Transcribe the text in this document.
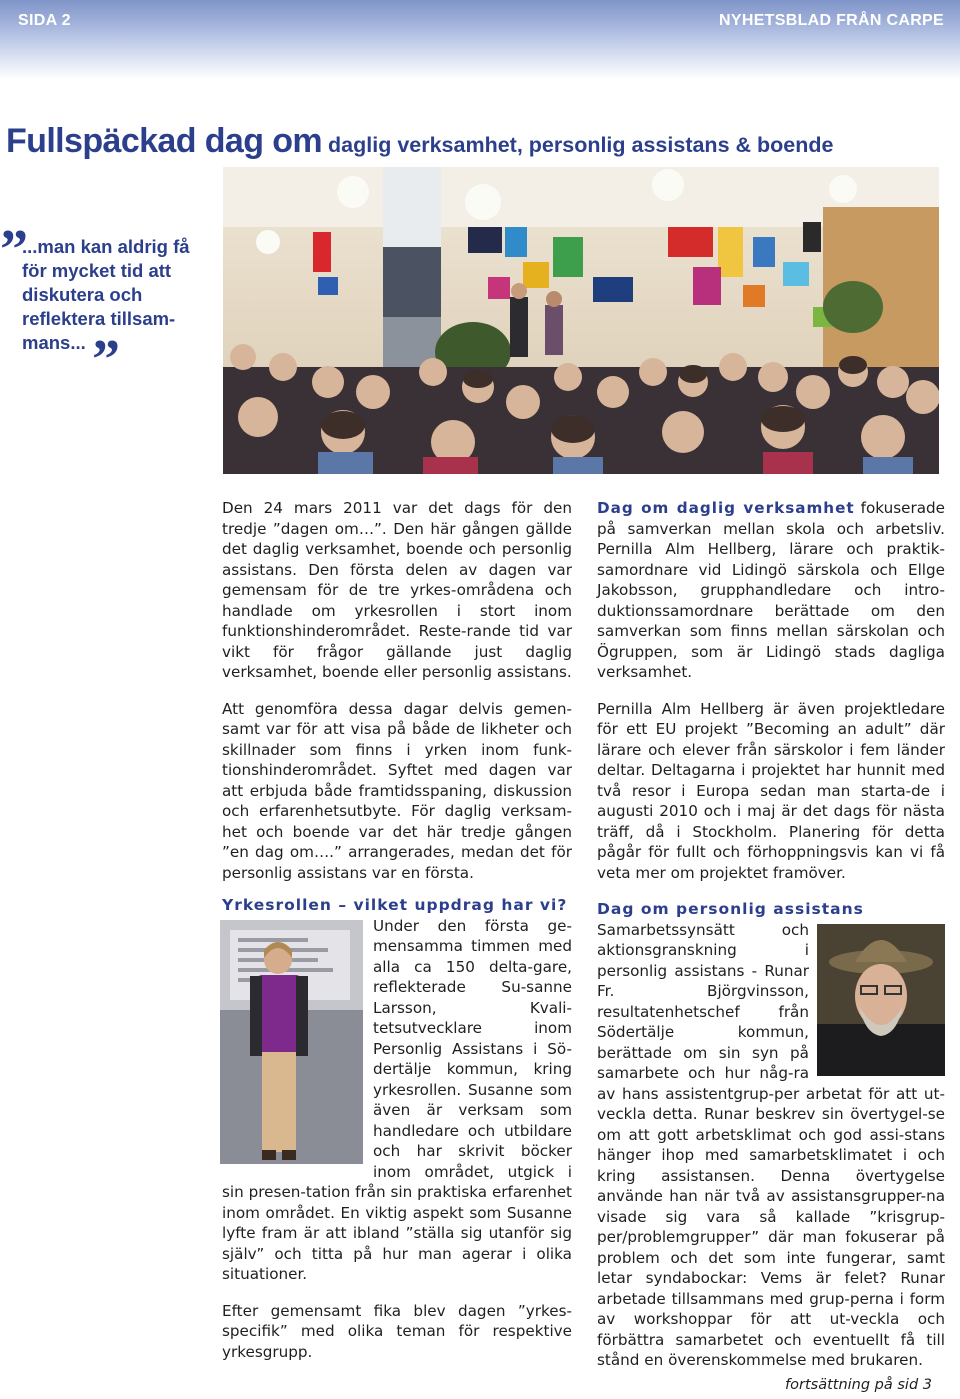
SIDA 2	NYHETSBLAD FRÅN CARPE
Fullspäckad dag om daglig verksamhet, personlig assistans & boende
”
...man kan aldrig få för mycket tid att diskutera och reflektera tillsam-mans... ”

Den 24 mars 2011 var det dags för den tredje ”dagen om…”. Den här gången gällde det daglig verksamhet, boende och personlig assistans. Den första delen av dagen var gemensam för de tre yrkes-områdena och handlade om yrkesrollen i stort inom funktionshinderområdet. Reste-rande tid var vikt för frågor gällande just daglig verksamhet, boende eller personlig assistans.

Att genomföra dessa dagar delvis gemen-samt var för att visa på både de likheter och skillnader som finns i yrken inom funk-tionshinderområdet. Syftet med dagen var att erbjuda både framtidsspaning, diskussion och erfarenhetsutbyte. För daglig verksam-het och boende var det här tredje gången ”en dag om….” arrangerades, medan det för personlig assistans var en första.

Yrkesrollen – vilket uppdrag har vi?

Under den första ge-mensamma timmen med alla ca 150 delta-gare, reflekterade Su-sanne Larsson, Kvali-tetsutvecklare inom Personlig Assistans i Sö-dertälje kommun, kring yrkesrollen. Susanne som även är verksam som handledare och utbildare och har skrivit böcker inom området, utgick i sin presen-tation från sin praktiska erfarenhet inom området. En viktig aspekt som Susanne lyfte fram är att ibland ”ställa sig utanför sig själv” och titta på hur man agerar i olika situationer.

Efter gemensamt fika blev dagen ”yrkes-specifik” med olika teman för respektive yrkesgrupp.

Dag om daglig verksamhet fokuserade på samverkan mellan skola och arbetsliv. Pernilla Alm Hellberg, lärare och praktik-samordnare vid Lidingö särskola och Ellge Jakobsson, grupphandledare och intro-duktionssamordnare berättade om den samverkan som finns mellan särskolan och Ögruppen, som är Lidingö stads dagliga verksamhet.

Pernilla Alm Hellberg är även projektledare för ett EU projekt ”Becoming an adult” där lärare och elever från särskolor i fem länder deltar. Deltagarna i projektet har hunnit med två resor i Europa sedan man starta-de i augusti 2010 och i maj är det dags för nästa träff, då i Stockholm. Planering för detta pågår för fullt och förhoppningsvis kan vi få veta mer om projektet framöver.

Dag om personlig assistans

Samarbetssynsätt och aktionsgranskning i personlig assistans - Runar Fr. Björgvinsson, resultatenhetschef från Södertälje kommun, berättade om sin syn på samarbete och hur någ-ra av hans assistentgrup-per arbetat för att ut-veckla detta. Runar beskrev sin övertygel-se om att gott arbetsklimat och god assi-stans hänger ihop med samarbetsklimatet i och kring assistansen. Denna övertygelse använde han när två av assistansgrupper-na visade sig vara så kallade ”krisgrup-per/problemgrupper” där man fokuserar på problem och det som inte fungerar, samt letar syndabockar: Vems är felet? Runar arbetade tillsammans med grup-perna i form av workshoppar för att ut-veckla och förbättra samarbetet och eventuellt få till stånd en överenskommelse med brukaren.

fortsättning på sid 3
